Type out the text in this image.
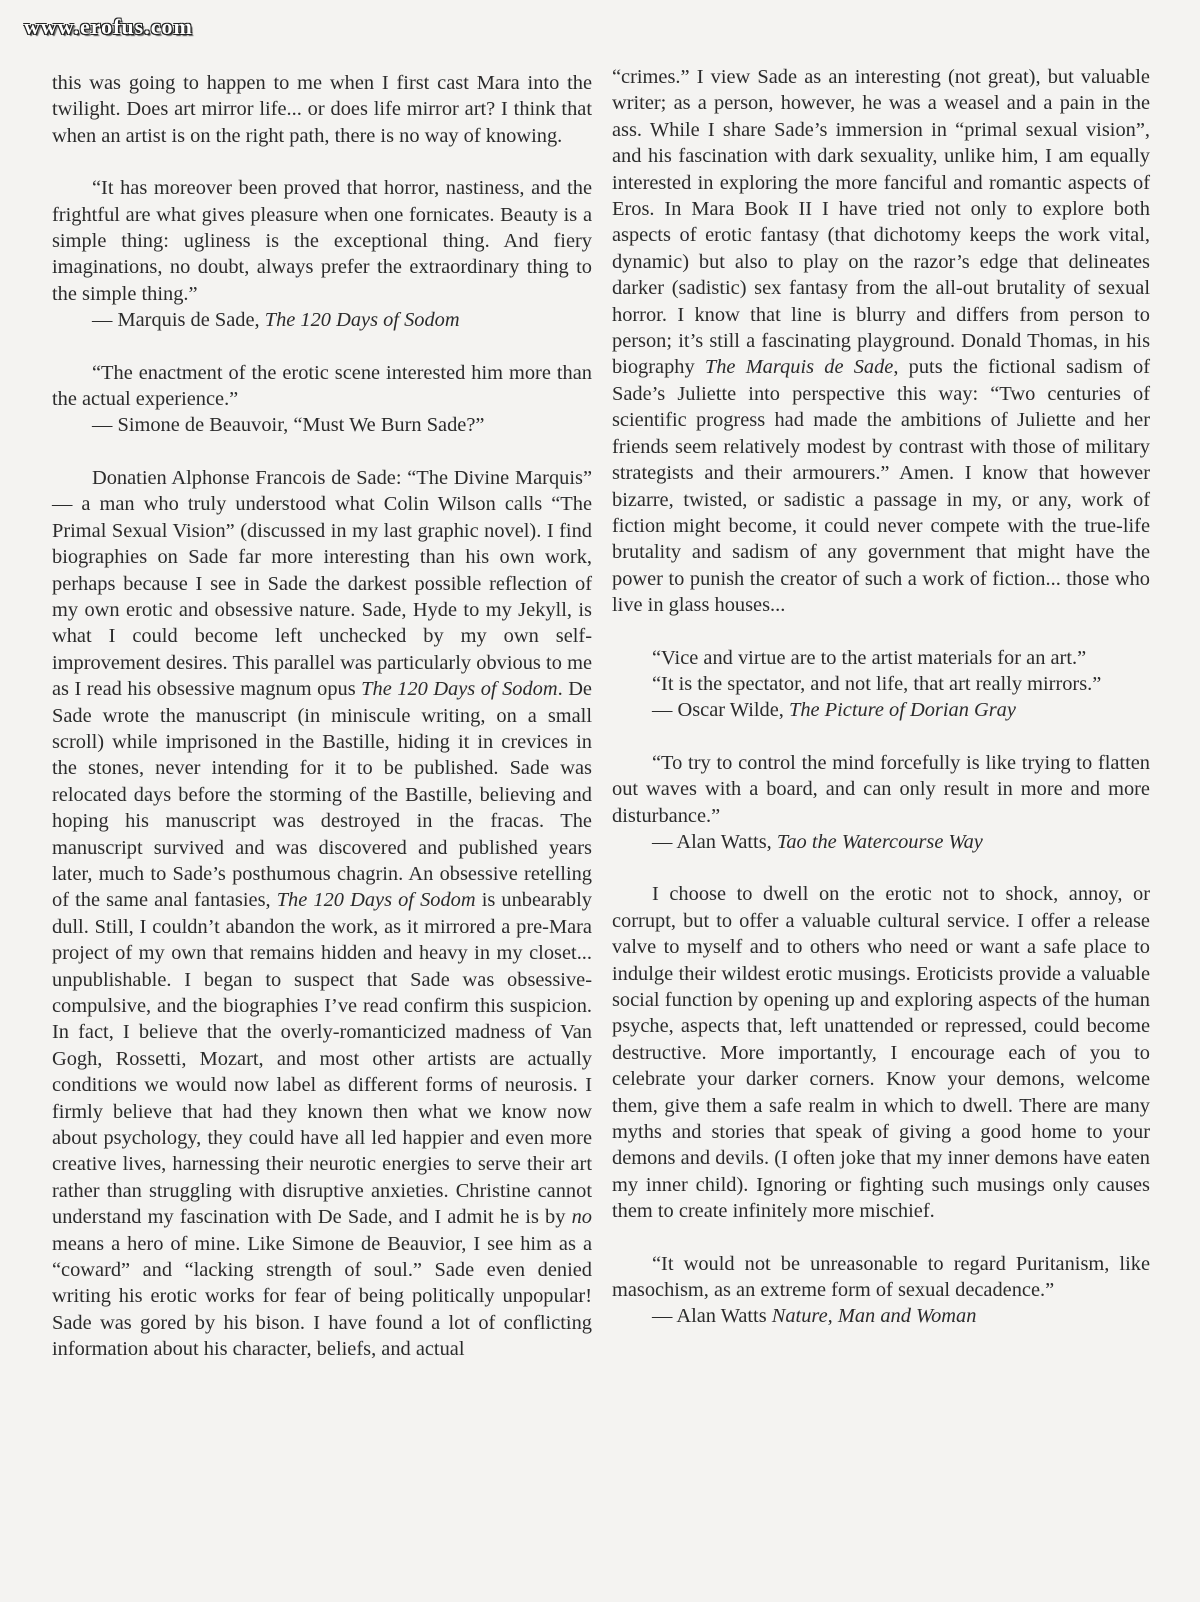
www.erofus.com

this was going to happen to me when I first cast Mara into the twilight. Does art mirror life... or does life mirror art? I think that when an artist is on the right path, there is no way of knowing.

“It has moreover been proved that horror, nastiness, and the frightful are what gives pleasure when one fornicates. Beauty is a simple thing: ugliness is the exceptional thing. And fiery imaginations, no doubt, always prefer the extraordinary thing to the simple thing.”

— Marquis de Sade, The 120 Days of Sodom

“The enactment of the erotic scene interested him more than the actual experience.”

— Simone de Beauvoir, “Must We Burn Sade?”

Donatien Alphonse Francois de Sade: “The Divine Marquis” — a man who truly understood what Colin Wilson calls “The Primal Sexual Vision” (discussed in my last graphic novel). I find biographies on Sade far more interesting than his own work, perhaps because I see in Sade the darkest possible reflection of my own erotic and obsessive nature. Sade, Hyde to my Jekyll, is what I could become left unchecked by my own self-improvement desires. This parallel was particularly obvious to me as I read his obsessive magnum opus The 120 Days of Sodom. De Sade wrote the manuscript (in miniscule writing, on a small scroll) while imprisoned in the Bastille, hiding it in crevices in the stones, never intending for it to be published. Sade was relocated days before the storming of the Bastille, believing and hoping his manuscript was destroyed in the fracas. The manuscript survived and was discovered and published years later, much to Sade’s posthumous chagrin. An obsessive retelling of the same anal fantasies, The 120 Days of Sodom is unbearably dull. Still, I couldn’t abandon the work, as it mirrored a pre-Mara project of my own that remains hidden and heavy in my closet... unpublishable. I began to suspect that Sade was obsessive-compulsive, and the biographies I’ve read confirm this suspicion. In fact, I believe that the overly-romanticized madness of Van Gogh, Rossetti, Mozart, and most other artists are actually conditions we would now label as different forms of neurosis. I firmly believe that had they known then what we know now about psychology, they could have all led happier and even more creative lives, harnessing their neurotic energies to serve their art rather than struggling with disruptive anxieties. Christine cannot understand my fascination with De Sade, and I admit he is by no means a hero of mine. Like Simone de Beauvior, I see him as a “coward” and “lacking strength of soul.” Sade even denied writing his erotic works for fear of being politically unpopular! Sade was gored by his bison. I have found a lot of conflicting information about his character, beliefs, and actual

“crimes.” I view Sade as an interesting (not great), but valuable writer; as a person, however, he was a weasel and a pain in the ass. While I share Sade’s immersion in “primal sexual vision”, and his fascination with dark sexuality, unlike him, I am equally interested in exploring the more fanciful and romantic aspects of Eros. In Mara Book II I have tried not only to explore both aspects of erotic fantasy (that dichotomy keeps the work vital, dynamic) but also to play on the razor’s edge that delineates darker (sadistic) sex fantasy from the all-out brutality of sexual horror. I know that line is blurry and differs from person to person; it’s still a fascinating playground. Donald Thomas, in his biography The Marquis de Sade, puts the fictional sadism of Sade’s Juliette into perspective this way: “Two centuries of scientific progress had made the ambitions of Juliette and her friends seem relatively modest by contrast with those of military strategists and their armourers.” Amen. I know that however bizarre, twisted, or sadistic a passage in my, or any, work of fiction might become, it could never compete with the true-life brutality and sadism of any government that might have the power to punish the creator of such a work of fiction... those who live in glass houses...

“Vice and virtue are to the artist materials for an art.”

“It is the spectator, and not life, that art really mirrors.”

— Oscar Wilde, The Picture of Dorian Gray

“To try to control the mind forcefully is like trying to flatten out waves with a board, and can only result in more and more disturbance.”

— Alan Watts, Tao the Watercourse Way

I choose to dwell on the erotic not to shock, annoy, or corrupt, but to offer a valuable cultural service. I offer a release valve to myself and to others who need or want a safe place to indulge their wildest erotic musings. Eroticists provide a valuable social function by opening up and exploring aspects of the human psyche, aspects that, left unattended or repressed, could become destructive. More importantly, I encourage each of you to celebrate your darker corners. Know your demons, welcome them, give them a safe realm in which to dwell. There are many myths and stories that speak of giving a good home to your demons and devils. (I often joke that my inner demons have eaten my inner child). Ignoring or fighting such musings only causes them to create infinitely more mischief.

“It would not be unreasonable to regard Puritanism, like masochism, as an extreme form of sexual decadence.”

— Alan Watts Nature, Man and Woman
